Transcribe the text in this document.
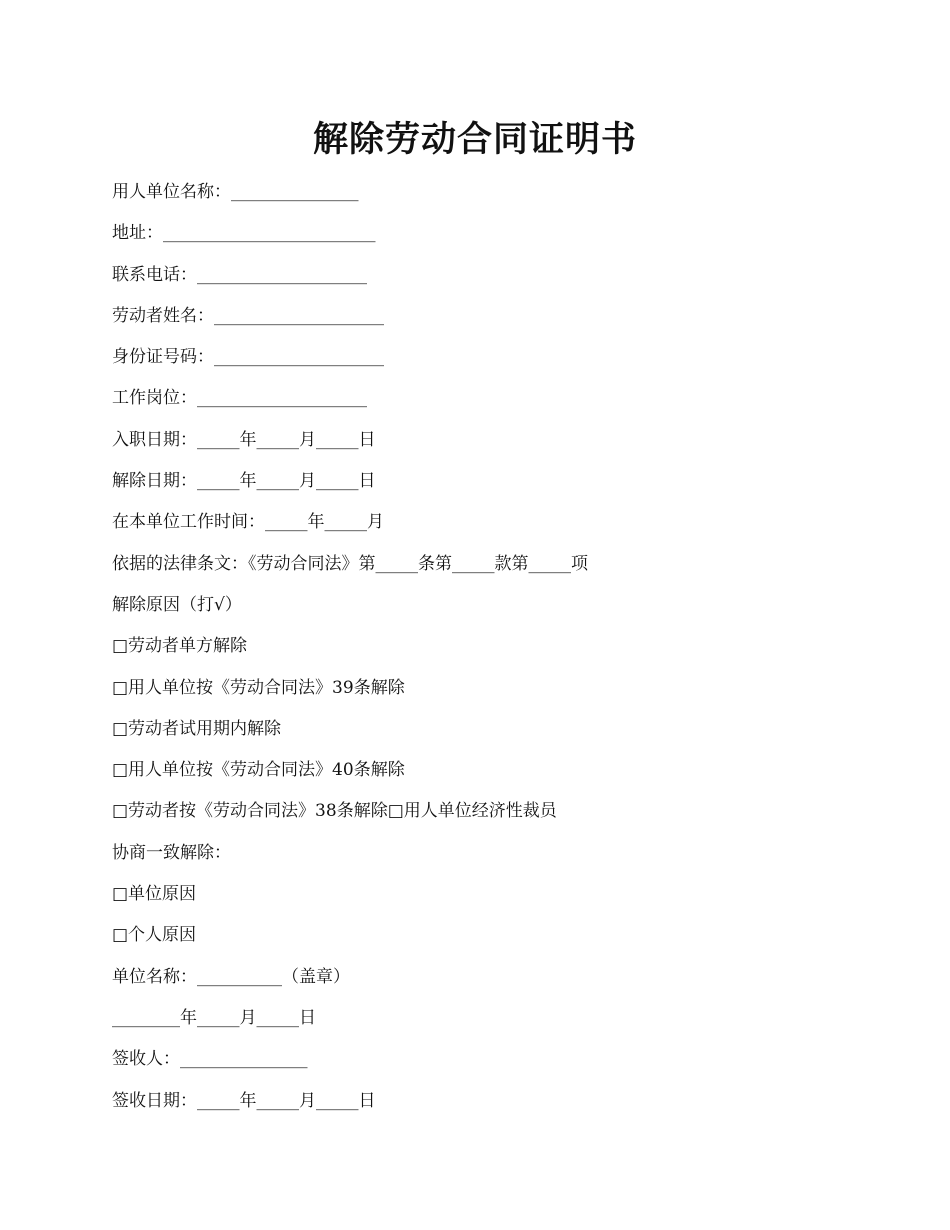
解除劳动合同证明书

用人单位名称：_______________

地址：_________________________

联系电话：____________________

劳动者姓名：____________________

身份证号码：____________________

工作岗位：____________________

入职日期：_____年_____月_____日

解除日期：_____年_____月_____日

在本单位工作时间：_____年_____月

依据的法律条文：《劳动合同法》第_____条第_____款第_____项

解除原因（打√）

□劳动者单方解除

□用人单位按《劳动合同法》39条解除

□劳动者试用期内解除

□用人单位按《劳动合同法》40条解除

□劳动者按《劳动合同法》38条解除□用人单位经济性裁员

协商一致解除：

□单位原因

□个人原因

单位名称：__________（盖章）

________年_____月_____日

签收人：_______________

签收日期：_____年_____月_____日
